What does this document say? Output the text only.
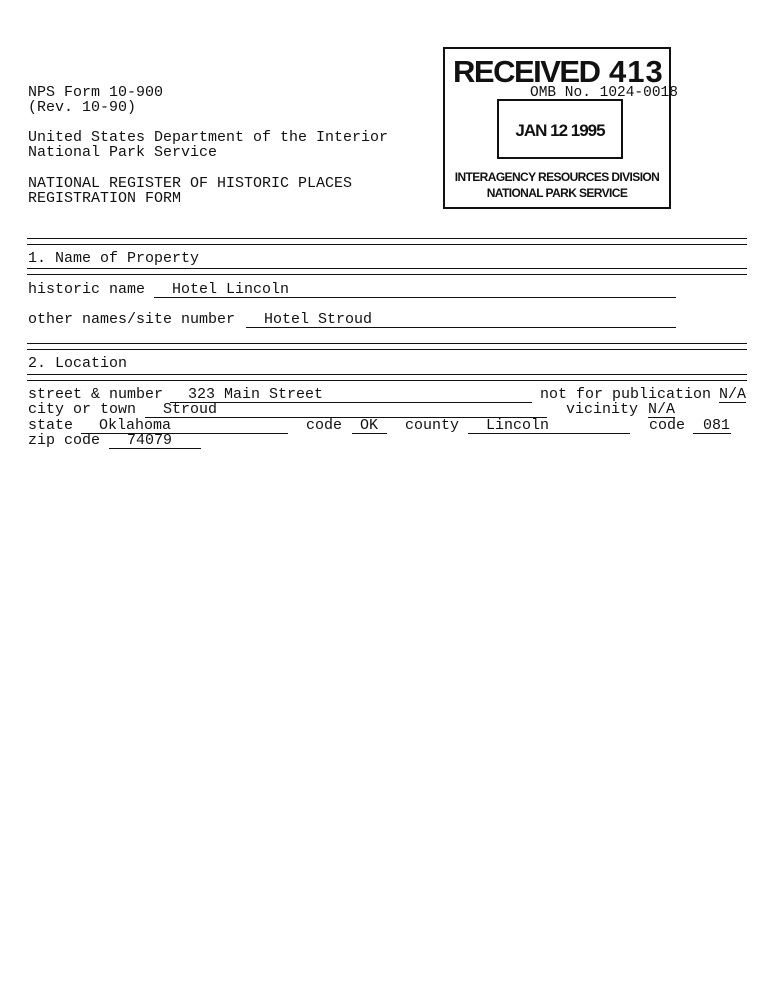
NPS Form 10-900
(Rev. 10-90)
United States Department of the Interior
National Park Service
NATIONAL REGISTER OF HISTORIC PLACES
REGISTRATION FORM
RECEIVED 413
JAN 12 1995
INTERAGENCY RESOURCES DIVISION
NATIONAL PARK SERVICE
OMB No. 1024-0018
1. Name of Property
historic name	Hotel Lincoln
other names/site number	Hotel Stroud
2. Location
street & number	323 Main Street	not for publication N/A
city or town	Stroud	vicinity N/A
state	Oklahoma	code	OK	county	Lincoln	code	081
zip code	74079
